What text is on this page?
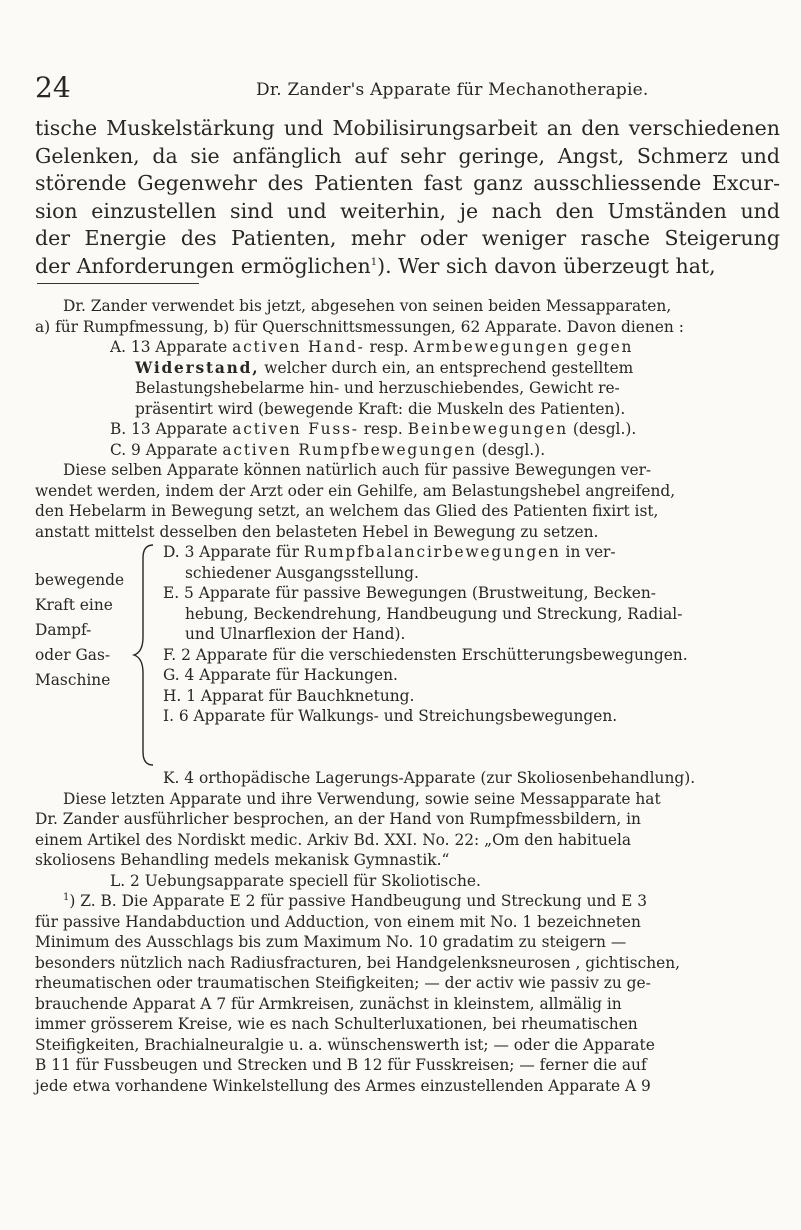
24	Dr. Zander's Apparate für Mechanotherapie.
tische Muskelstärkung und Mobilisirungsarbeit an den verschiedenen
Gelenken, da sie anfänglich auf sehr geringe, Angst, Schmerz und
störende Gegenwehr des Patienten fast ganz ausschliessende Excur-
sion einzustellen sind und weiterhin, je nach den Umständen und
der Energie des Patienten, mehr oder weniger rasche Steigerung
der Anforderungen ermöglichen$^1$). Wer sich davon überzeugt hat,
Dr. Zander verwendet bis jetzt, abgesehen von seinen beiden Messapparaten,
a) für Rumpfmessung, b) für Querschnittsmessungen, 62 Apparate. Davon dienen :
A. 13 Apparate activen Hand- resp. Armbewegungen gegen
Widerstand, welcher durch ein, an entsprechend gestelltem
Belastungshebelarme hin- und herzuschiebendes, Gewicht re-
präsentirt wird (bewegende Kraft: die Muskeln des Patienten).
B. 13 Apparate activen Fuss- resp. Beinbewegungen (desgl.).
C. 9 Apparate activen Rumpfbewegungen (desgl.).
Diese selben Apparate können natürlich auch für passive Bewegungen ver-
wendet werden, indem der Arzt oder ein Gehilfe, am Belastungshebel angreifend,
den Hebelarm in Bewegung setzt, an welchem das Glied des Patienten fixirt ist,
anstatt mittelst desselben den belasteten Hebel in Bewegung zu setzen.
bewegende
Kraft eine
Dampf-
oder Gas-
Maschine
D. 3 Apparate für Rumpfbalancirbewegungen in ver-
schiedener Ausgangsstellung.
E. 5 Apparate für passive Bewegungen (Brustweitung, Becken-
hebung, Beckendrehung, Handbeugung und Streckung, Radial-
und Ulnarflexion der Hand).
F. 2 Apparate für die verschiedensten Erschütterungsbewegungen.
G. 4 Apparate für Hackungen.
H. 1 Apparat für Bauchknetung.
I. 6 Apparate für Walkungs- und Streichungsbewegungen.
K. 4 orthopädische Lagerungs-Apparate (zur Skoliosenbehandlung).
Diese letzten Apparate und ihre Verwendung, sowie seine Messapparate hat
Dr. Zander ausführlicher besprochen, an der Hand von Rumpfmessbildern, in
einem Artikel des Nordiskt medic. Arkiv Bd. XXI. No. 22: „Om den habituela
skoliosens Behandling medels mekanisk Gymnastik.“
L. 2 Uebungsapparate speciell für Skoliotische.
$^1$) Z. B. Die Apparate E 2 für passive Handbeugung und Streckung und E 3
für passive Handabduction und Adduction, von einem mit No. 1 bezeichneten
Minimum des Ausschlags bis zum Maximum No. 10 gradatim zu steigern —
besonders nützlich nach Radiusfracturen, bei Handgelenksneurosen , gichtischen,
rheumatischen oder traumatischen Steifigkeiten; — der activ wie passiv zu ge-
brauchende Apparat A 7 für Armkreisen, zunächst in kleinstem, allmälig in
immer grösserem Kreise, wie es nach Schulterluxationen, bei rheumatischen
Steifigkeiten, Brachialneuralgie u. a. wünschenswerth ist; — oder die Apparate
B 11 für Fussbeugen und Strecken und B 12 für Fusskreisen; — ferner die auf
jede etwa vorhandene Winkelstellung des Armes einzustellenden Apparate A 9
